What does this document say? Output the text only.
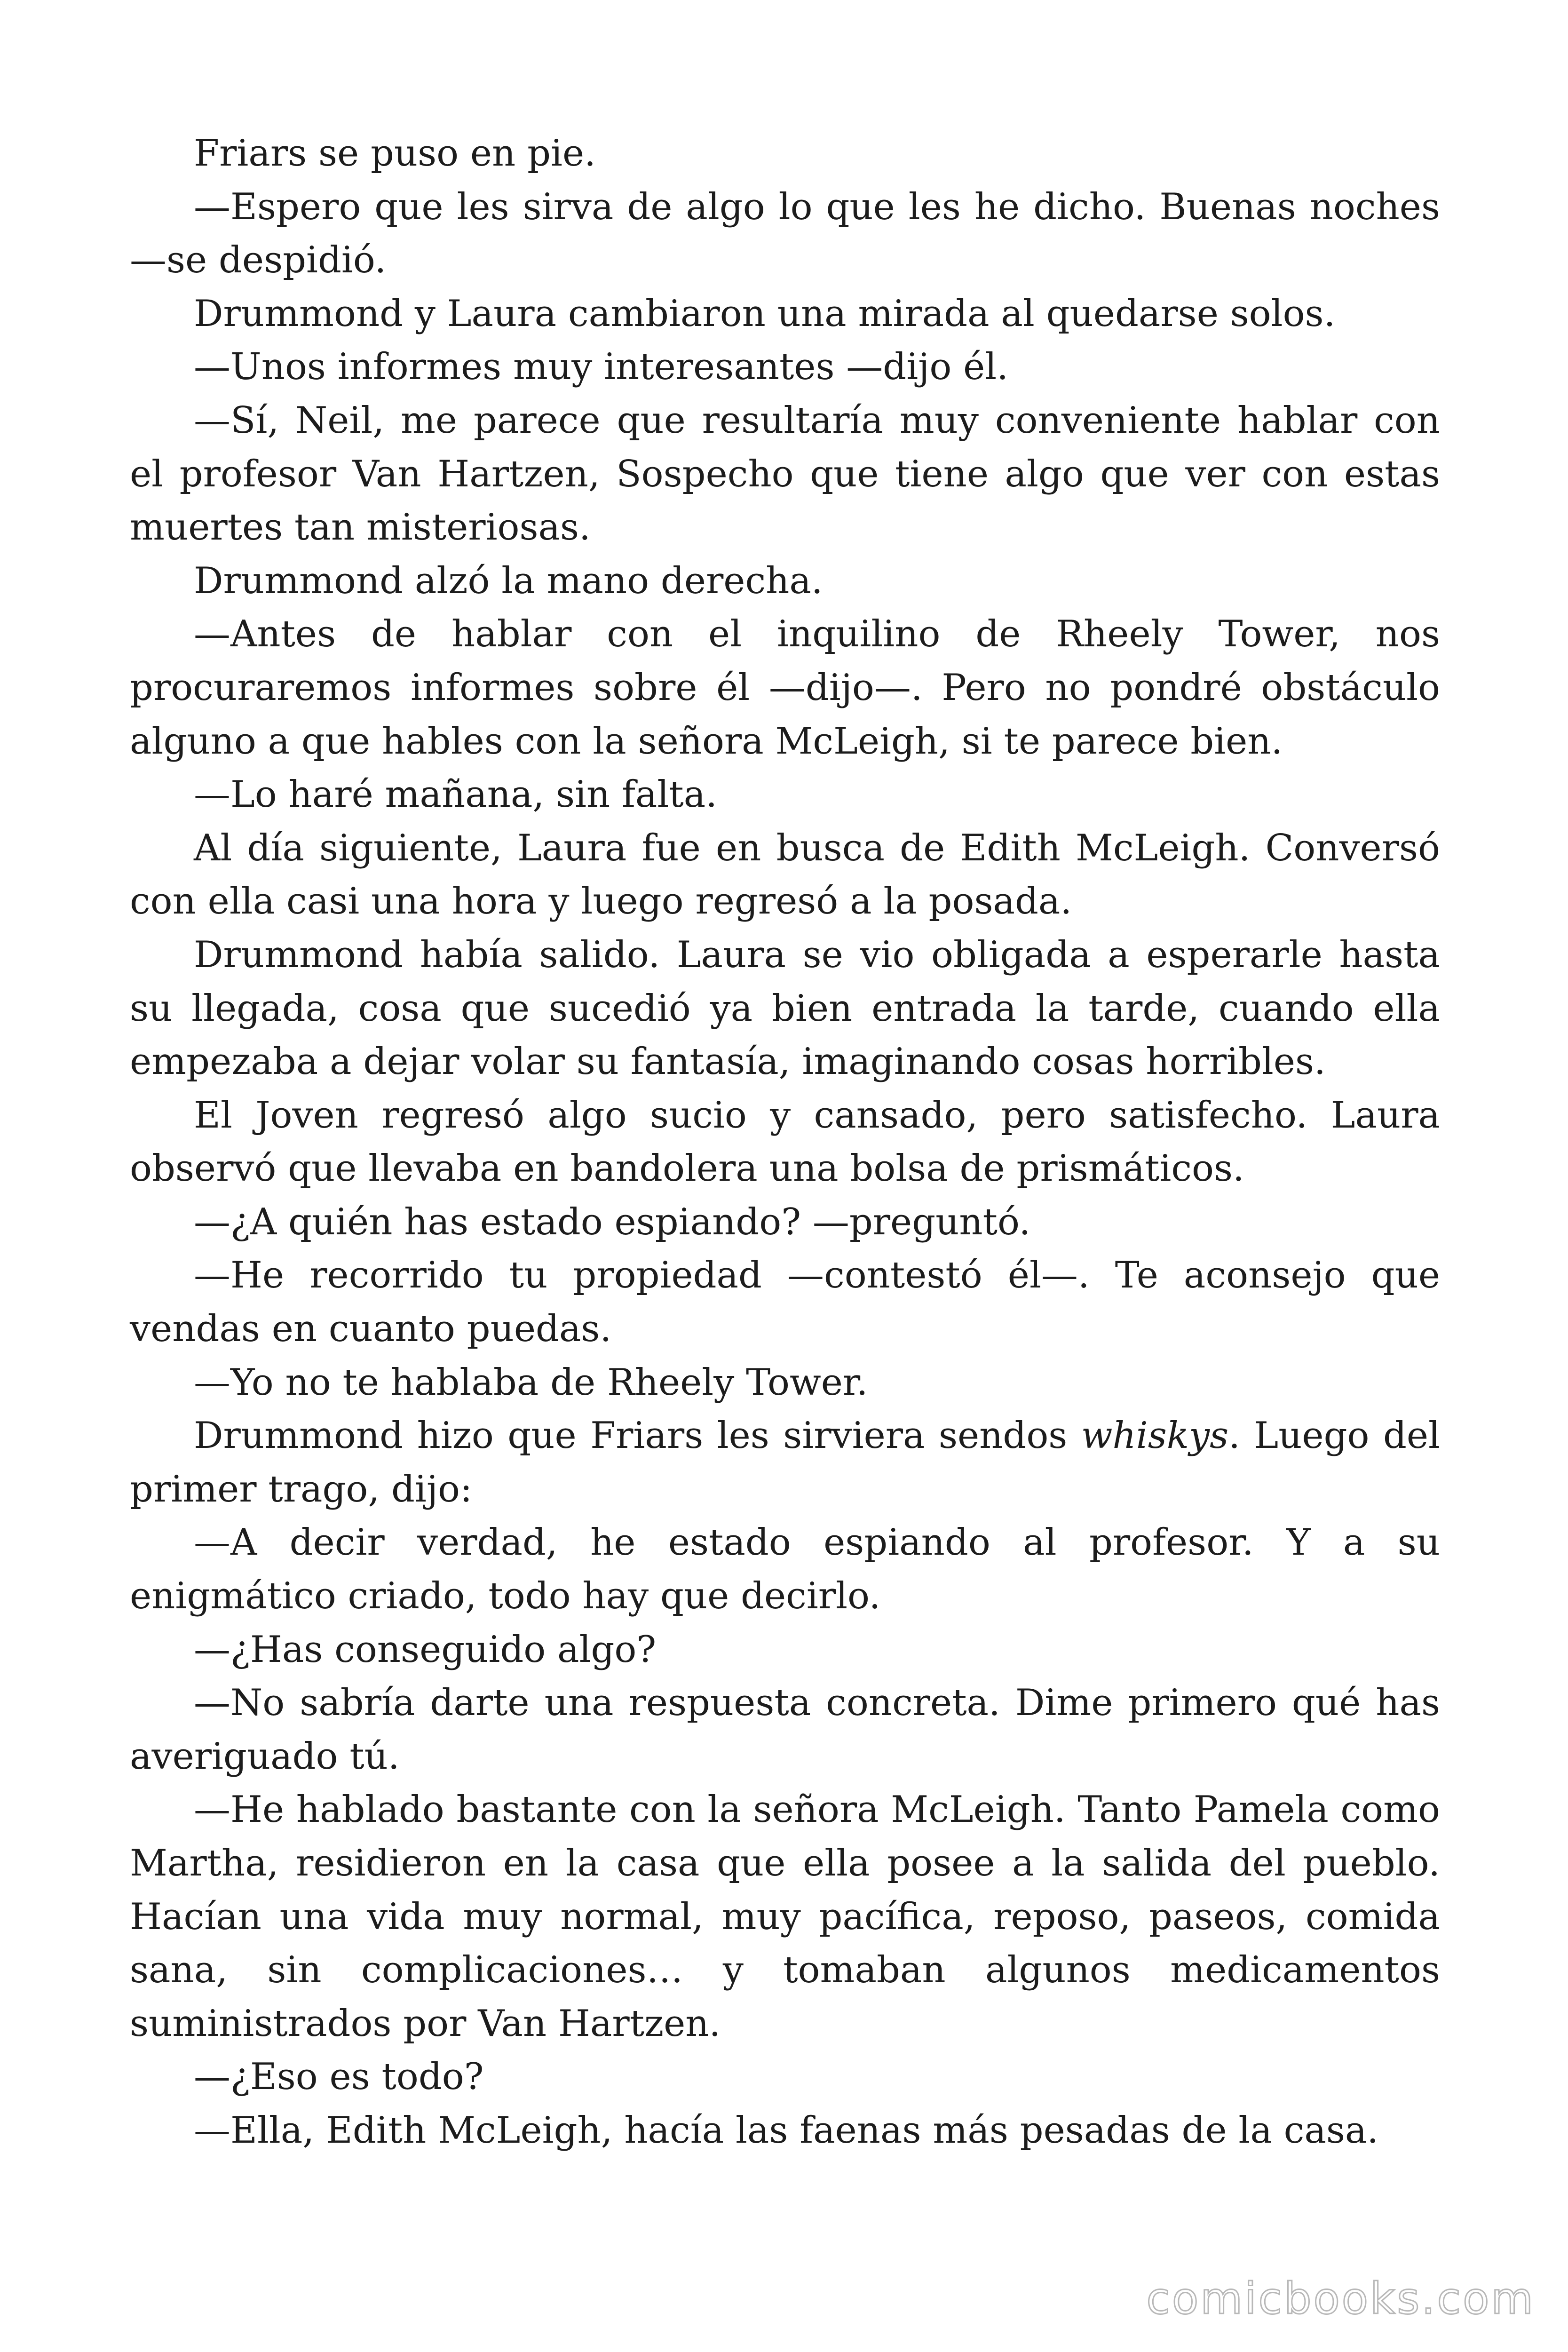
Friars se puso en pie.

—Espero que les sirva de algo lo que les he dicho. Buenas noches —se despidió.

Drummond y Laura cambiaron una mirada al quedarse solos.

—Unos informes muy interesantes —dijo él.

—Sí, Neil, me parece que resultaría muy conveniente hablar con el profesor Van Hartzen, Sospecho que tiene algo que ver con estas muertes tan misteriosas.

Drummond alzó la mano derecha.

—Antes de hablar con el inquilino de Rheely Tower, nos procuraremos informes sobre él —dijo—. Pero no pondré obstáculo alguno a que hables con la señora McLeigh, si te parece bien.

—Lo haré mañana, sin falta.

Al día siguiente, Laura fue en busca de Edith McLeigh. Conversó con ella casi una hora y luego regresó a la posada.

Drummond había salido. Laura se vio obligada a esperarle hasta su llegada, cosa que sucedió ya bien entrada la tarde, cuando ella empezaba a dejar volar su fantasía, imaginando cosas horribles.

El Joven regresó algo sucio y cansado, pero satisfecho. Laura observó que llevaba en bandolera una bolsa de prismáticos.

—¿A quién has estado espiando? —preguntó.

—He recorrido tu propiedad —contestó él—. Te aconsejo que vendas en cuanto puedas.

—Yo no te hablaba de Rheely Tower.

Drummond hizo que Friars les sirviera sendos whiskys. Luego del primer trago, dijo:

—A decir verdad, he estado espiando al profesor. Y a su enigmático criado, todo hay que decirlo.

—¿Has conseguido algo?

—No sabría darte una respuesta concreta. Dime primero qué has averiguado tú.

—He hablado bastante con la señora McLeigh. Tanto Pamela como Martha, residieron en la casa que ella posee a la salida del pueblo. Hacían una vida muy normal, muy pacífica, reposo, paseos, comida sana, sin complicaciones… y tomaban algunos medicamentos suministrados por Van Hartzen.

—¿Eso es todo?

—Ella, Edith McLeigh, hacía las faenas más pesadas de la casa.

comicbooks.com
